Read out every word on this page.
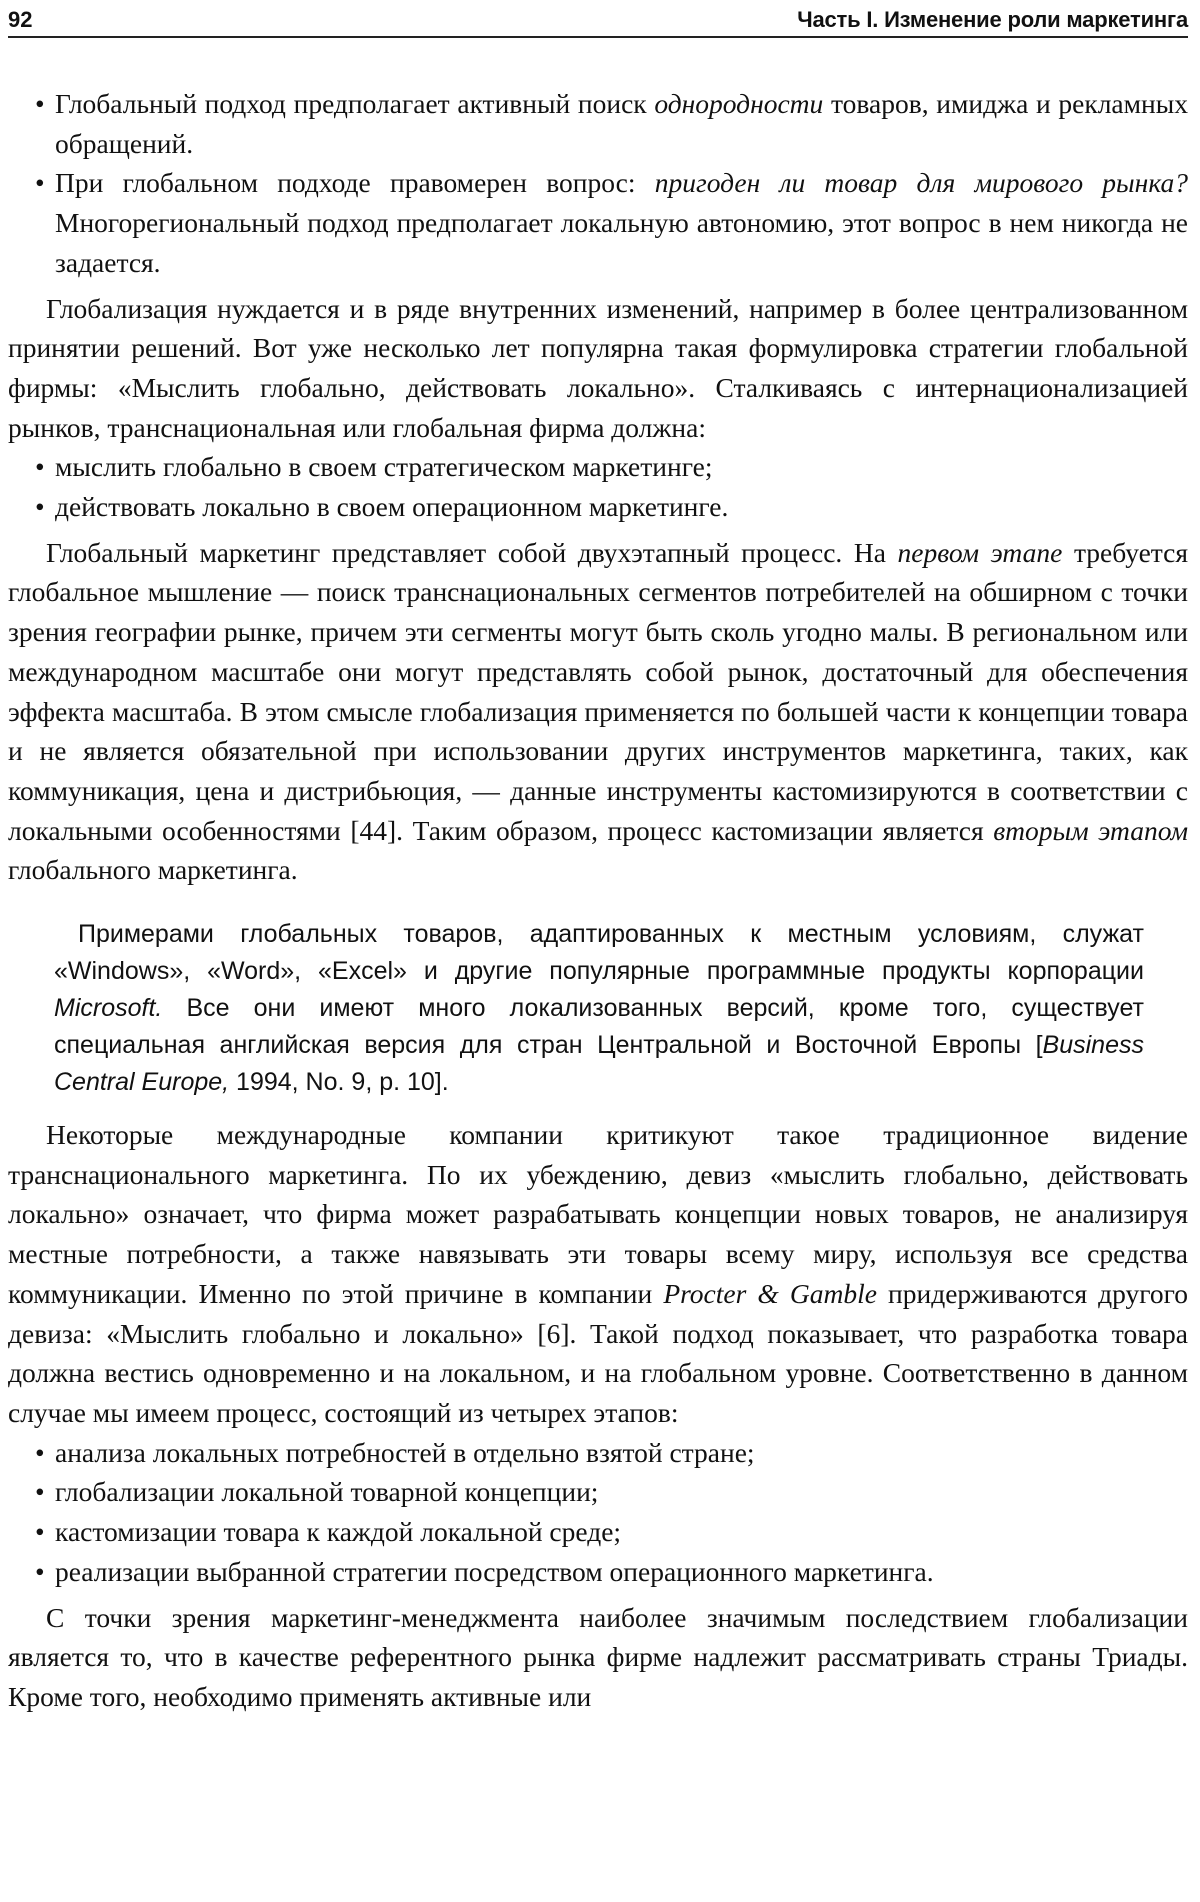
92	Часть I. Изменение роли маркетинга
• Глобальный подход предполагает активный поиск однородности товаров, имиджа и рекламных обращений.
• При глобальном подходе правомерен вопрос: пригоден ли товар для мирового рынка? Многорегиональный подход предполагает локальную автономию, этот вопрос в нем никогда не задается.

Глобализация нуждается и в ряде внутренних изменений, например в более централизованном принятии решений. Вот уже несколько лет популярна такая формулировка стратегии глобальной фирмы: «Мыслить глобально, действовать локально». Сталкиваясь с интернационализацией рынков, транснациональная или глобальная фирма должна:

• мыслить глобально в своем стратегическом маркетинге;
• действовать локально в своем операционном маркетинге.

Глобальный маркетинг представляет собой двухэтапный процесс. На первом этапе требуется глобальное мышление — поиск транснациональных сегментов потребителей на обширном с точки зрения географии рынке, причем эти сегменты могут быть сколь угодно малы. В региональном или международном масштабе они могут представлять собой рынок, достаточный для обеспечения эффекта масштаба. В этом смысле глобализация применяется по большей части к концепции товара и не является обязательной при использовании других инструментов маркетинга, таких, как коммуникация, цена и дистрибьюция, — данные инструменты кастомизируются в соответствии с локальными особенностями [44]. Таким образом, процесс кастомизации является вторым этапом глобального маркетинга.

Примерами глобальных товаров, адаптированных к местным условиям, служат «Windows», «Word», «Excel» и другие популярные программные продукты корпорации Microsoft. Все они имеют много локализованных версий, кроме того, существует специальная английская версия для стран Центральной и Восточной Европы [Business Central Europe, 1994, No. 9, p. 10].

Некоторые международные компании критикуют такое традиционное видение транснационального маркетинга. По их убеждению, девиз «мыслить глобально, действовать локально» означает, что фирма может разрабатывать концепции новых товаров, не анализируя местные потребности, а также навязывать эти товары всему миру, используя все средства коммуникации. Именно по этой причине в компании Procter & Gamble придерживаются другого девиза: «Мыслить глобально и локально» [6]. Такой подход показывает, что разработка товара должна вестись одновременно и на локальном, и на глобальном уровне. Соответственно в данном случае мы имеем процесс, состоящий из четырех этапов:

• анализа локальных потребностей в отдельно взятой стране;
• глобализации локальной товарной концепции;
• кастомизации товара к каждой локальной среде;
• реализации выбранной стратегии посредством операционного маркетинга.

С точки зрения маркетинг-менеджмента наиболее значимым последствием глобализации является то, что в качестве референтного рынка фирме надлежит рассматривать страны Триады. Кроме того, необходимо применять активные или
